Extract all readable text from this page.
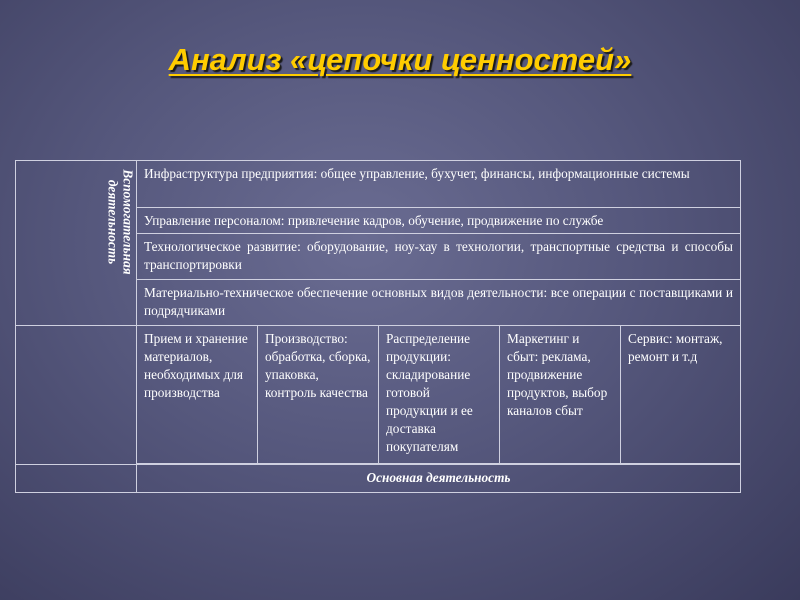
Анализ «цепочки ценностей»
Вспомогательная деятельность
Инфраструктура предприятия: общее управление, бухучет, финансы, информационные системы
Управление персоналом: привлечение кадров, обучение, продвижение по службе
Технологическое развитие: оборудование, ноу-хау в технологии, транспортные средства и способы транспортировки
Материально-техническое обеспечение основных видов деятельности: все операции с поставщиками и подрядчиками
Прием и хранение материалов, необходимых для производства
Производство: обработка, сборка, упаковка, контроль качества
Распределение продукции: складирование готовой продукции и ее доставка покупателям
Маркетинг и сбыт: реклама, продвижение продуктов, выбор каналов сбыт
Сервис: монтаж, ремонт и т.д
Основная деятельность
